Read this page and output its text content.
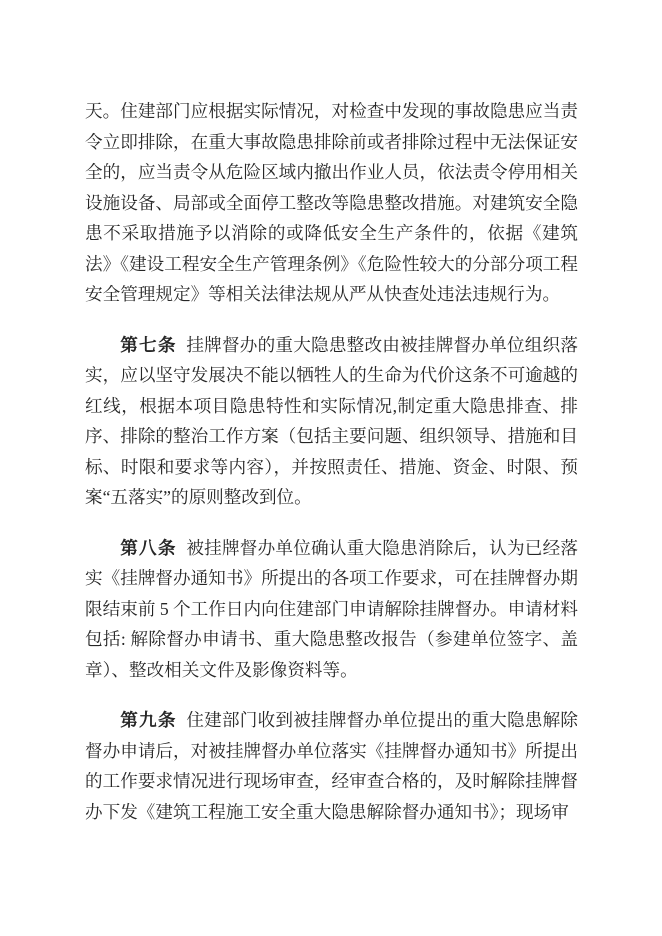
天。住建部门应根据实际情况，对检查中发现的事故隐患应当责令立即排除，在重大事故隐患排除前或者排除过程中无法保证安全的，应当责令从危险区域内撤出作业人员，依法责令停用相关设施设备、局部或全面停工整改等隐患整改措施。对建筑安全隐患不采取措施予以消除的或降低安全生产条件的，依据《建筑法》《建设工程安全生产管理条例》《危险性较大的分部分项工程安全管理规定》等相关法律法规从严从快查处违法违规行为。

第七条 挂牌督办的重大隐患整改由被挂牌督办单位组织落实，应以坚守发展决不能以牺牲人的生命为代价这条不可逾越的红线，根据本项目隐患特性和实际情况,制定重大隐患排查、排序、排除的整治工作方案（包括主要问题、组织领导、措施和目标、时限和要求等内容），并按照责任、措施、资金、时限、预案“五落实”的原则整改到位。

第八条 被挂牌督办单位确认重大隐患消除后，认为已经落实《挂牌督办通知书》所提出的各项工作要求，可在挂牌督办期限结束前 5 个工作日内向住建部门申请解除挂牌督办。申请材料包括: 解除督办申请书、重大隐患整改报告（参建单位签字、盖章）、整改相关文件及影像资料等。

第九条 住建部门收到被挂牌督办单位提出的重大隐患解除督办申请后，对被挂牌督办单位落实《挂牌督办通知书》所提出的工作要求情况进行现场审查，经审查合格的，及时解除挂牌督办下发《建筑工程施工安全重大隐患解除督办通知书》；现场审
